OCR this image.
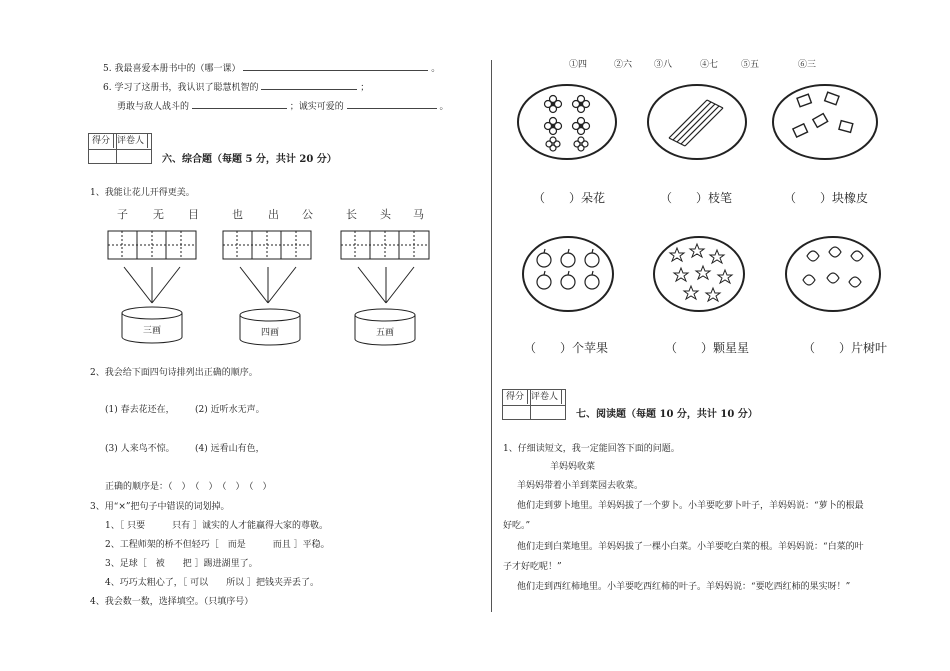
5. 我最喜爱本册书中的（哪一课）	。
6. 学习了这册书，我认识了聪慧机智的	；
勇敢与敌人战斗的	；诚实可爱的	。
得分 评卷人
六、综合题（每题 5 分，共计 20 分）
1、我能让花儿开得更美。
子 无 目	也 出 公	长 头 马
三画	四画	五画
2、我会给下面四句诗排列出正确的顺序。
(1) 春去花还在， (2) 近听水无声。
(3) 人来鸟不惊。 (4) 远看山有色，
正确的顺序是：（　）　（　）　（　）　（　）
3、用“×”把句子中错误的词划掉。
1、［ 只要　　　只有 ］诚实的人才能赢得大家的尊敬。
2、工程师架的桥不但轻巧［　而是　　　而且 ］平稳。
3、足球［　被　　把 ］踢进湖里了。
4、巧巧太粗心了，［ 可以　　所以 ］把钱夹弄丢了。
4、我会数一数，选择填空。（只填序号）
①四	②六 ③八	④七	⑤五	⑥三
（　　）朵花	（　　）枝笔	（　　）块橡皮
（　　）个苹果	（　　）颗星星	（　　）片树叶
得分 评卷人
七、阅读题（每题 10 分，共计 10 分）
1、仔细读短文，我一定能回答下面的问题。
羊妈妈收菜
羊妈妈带着小羊到菜园去收菜。
他们走到萝卜地里。羊妈妈拔了一个萝卜。小羊要吃萝卜叶子，羊妈妈说：“萝卜的根最
好吃。”
他们走到白菜地里。羊妈妈拔了一棵小白菜。小羊要吃白菜的根。羊妈妈说：“白菜的叶
子才好吃呢！”
他们走到西红柿地里。小羊要吃西红柿的叶子。羊妈妈说：“要吃西红柿的果实呀！”
